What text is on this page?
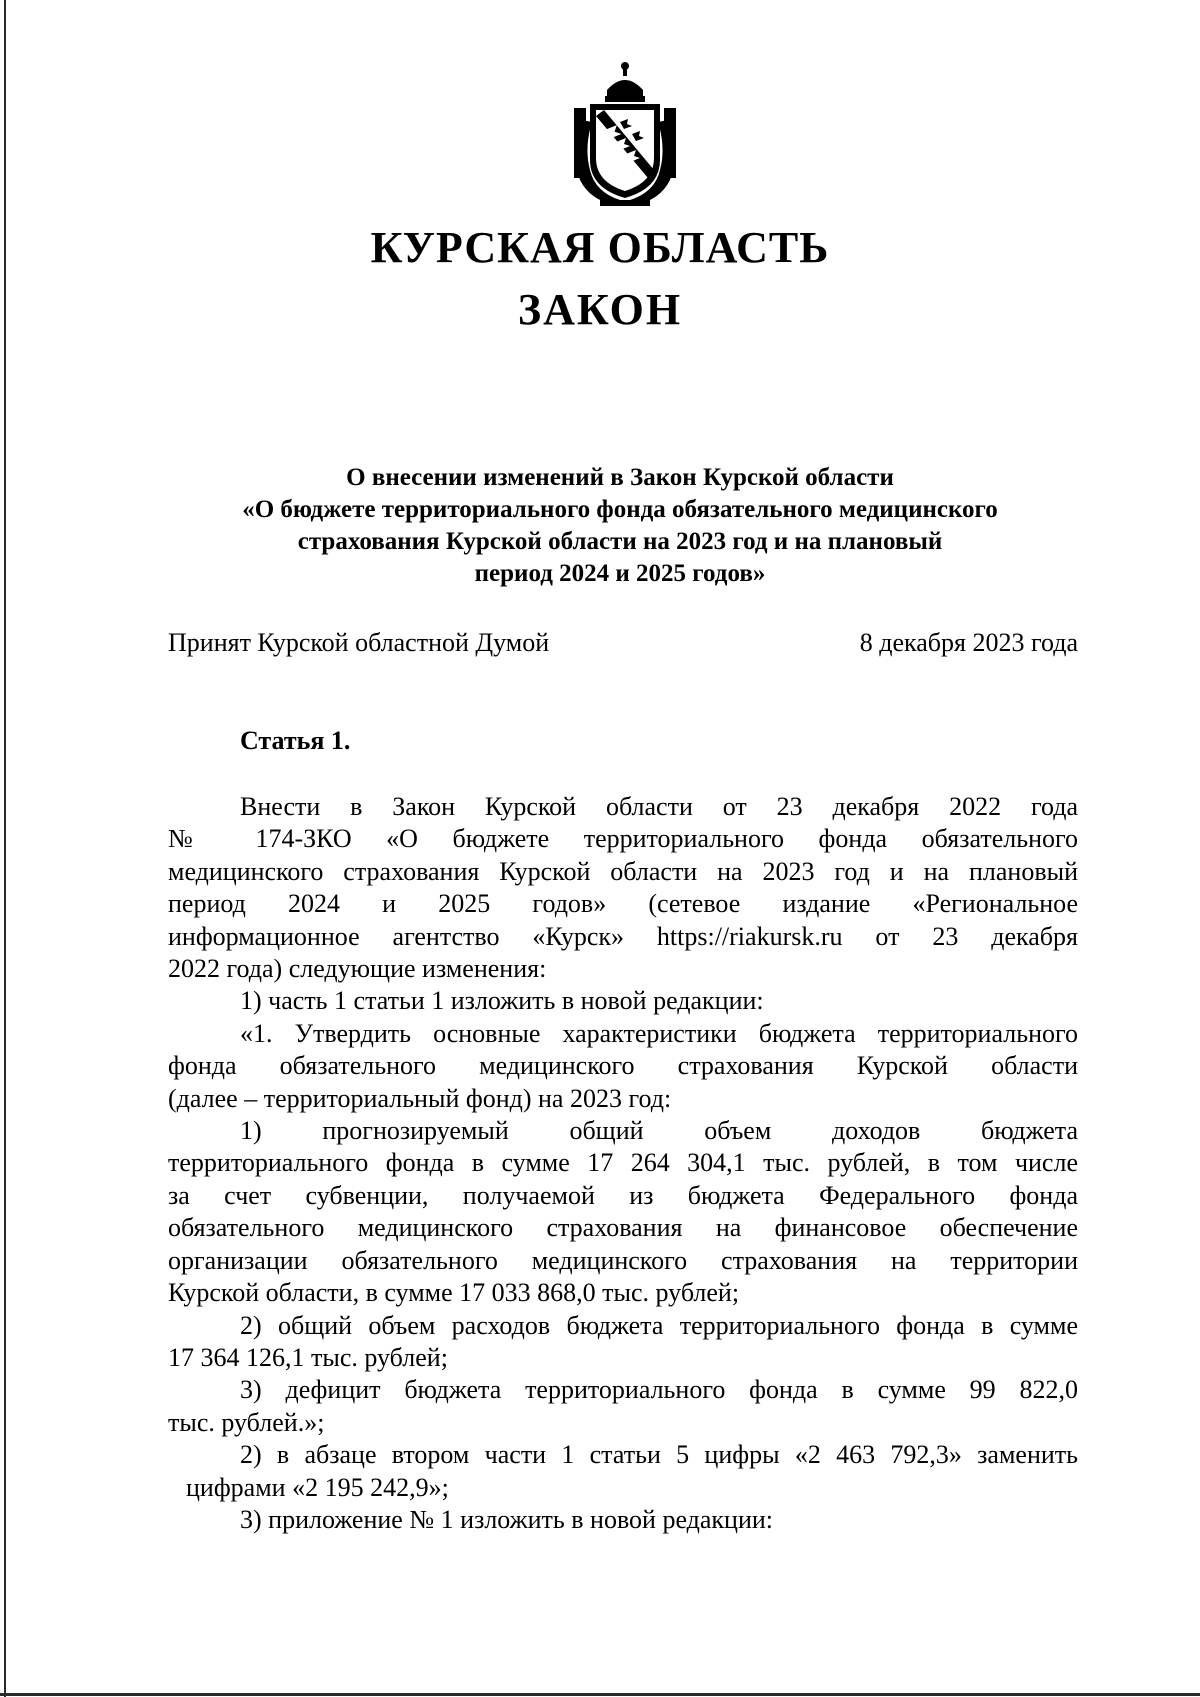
КУРСКАЯ ОБЛАСТЬ
ЗАКОН
О внесении изменений в Закон Курской области
«О бюджете территориального фонда обязательного медицинского
страхования Курской области на 2023 год и на плановый
период 2024 и 2025 годов»
Принят Курской областной Думой	8 декабря 2023 года
Статья 1.
Внести в Закон Курской области от 23 декабря 2022 года
№ 174-ЗКО «О бюджете территориального фонда обязательного
медицинского страхования Курской области на 2023 год и на плановый
период 2024 и 2025 годов» (сетевое издание «Региональное
информационное агентство «Курск» https://riakursk.ru от 23 декабря
2022 года) следующие изменения:
1) часть 1 статьи 1 изложить в новой редакции:
«1. Утвердить основные характеристики бюджета территориального
фонда обязательного медицинского страхования Курской области
(далее – территориальный фонд) на 2023 год:
1) прогнозируемый общий объем доходов бюджета
территориального фонда в сумме 17 264 304,1 тыс. рублей, в том числе
за счет субвенции, получаемой из бюджета Федерального фонда
обязательного медицинского страхования на финансовое обеспечение
организации обязательного медицинского страхования на территории
Курской области, в сумме 17 033 868,0 тыс. рублей;
2) общий объем расходов бюджета территориального фонда в сумме
17 364 126,1 тыс. рублей;
3) дефицит бюджета территориального фонда в сумме 99 822,0
тыс. рублей.»;
2) в абзаце втором части 1 статьи 5 цифры «2 463 792,3» заменить
цифрами «2 195 242,9»;
3) приложение № 1 изложить в новой редакции:
